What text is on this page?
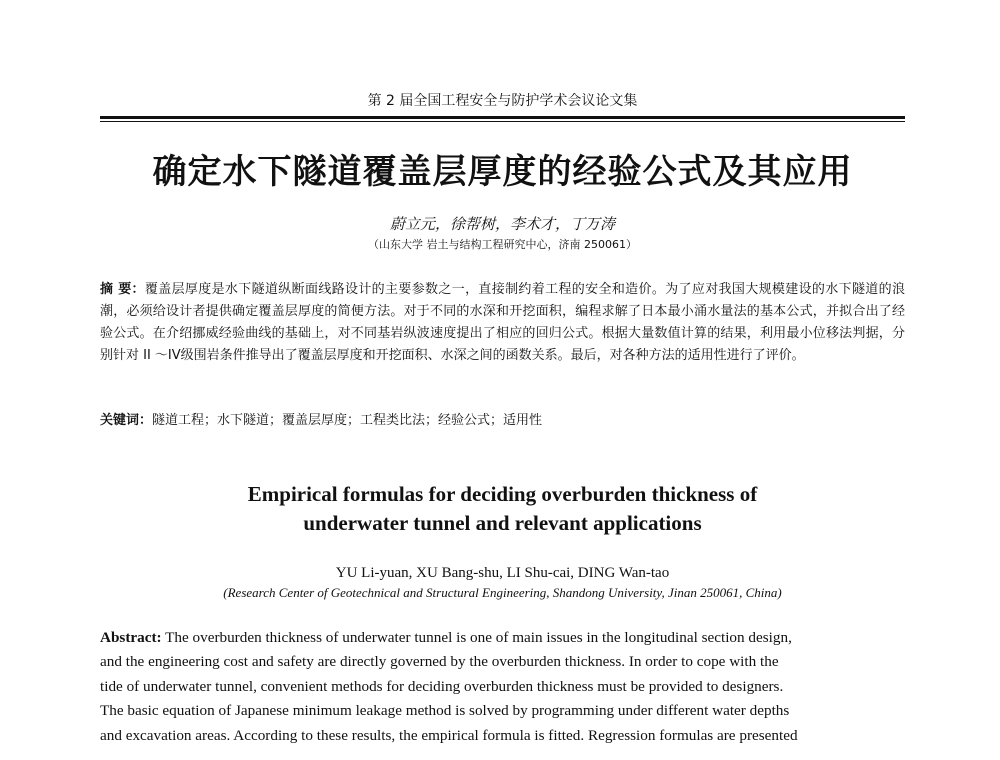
第 2 届全国工程安全与防护学术会议论文集
确定水下隧道覆盖层厚度的经验公式及其应用
蔚立元，徐帮树，李术才，丁万涛
（山东大学 岩土与结构工程研究中心，济南 250061）
摘 要：覆盖层厚度是水下隧道纵断面线路设计的主要参数之一，直接制约着工程的安全和造价。为了应对我国大规模建设的水下隧道的浪潮，必须给设计者提供确定覆盖层厚度的简便方法。对于不同的水深和开挖面积，编程求解了日本最小涌水量法的基本公式，并拟合出了经验公式。在介绍挪威经验曲线的基础上，对不同基岩纵波速度提出了相应的回归公式。根据大量数值计算的结果，利用最小位移法判据，分别针对 II ～IV级围岩条件推导出了覆盖层厚度和开挖面积、水深之间的函数关系。最后，对各种方法的适用性进行了评价。
关键词：隧道工程；水下隧道；覆盖层厚度；工程类比法；经验公式；适用性
Empirical formulas for deciding overburden thickness of
underwater tunnel and relevant applications
YU Li-yuan, XU Bang-shu, LI Shu-cai, DING Wan-tao
(Research Center of Geotechnical and Structural Engineering, Shandong University, Jinan 250061, China)
Abstract: The overburden thickness of underwater tunnel is one of main issues in the longitudinal section design,
and the engineering cost and safety are directly governed by the overburden thickness. In order to cope with the
tide of underwater tunnel, convenient methods for deciding overburden thickness must be provided to designers.
The basic equation of Japanese minimum leakage method is solved by programming under different water depths
and excavation areas. According to these results, the empirical formula is fitted. Regression formulas are presented
